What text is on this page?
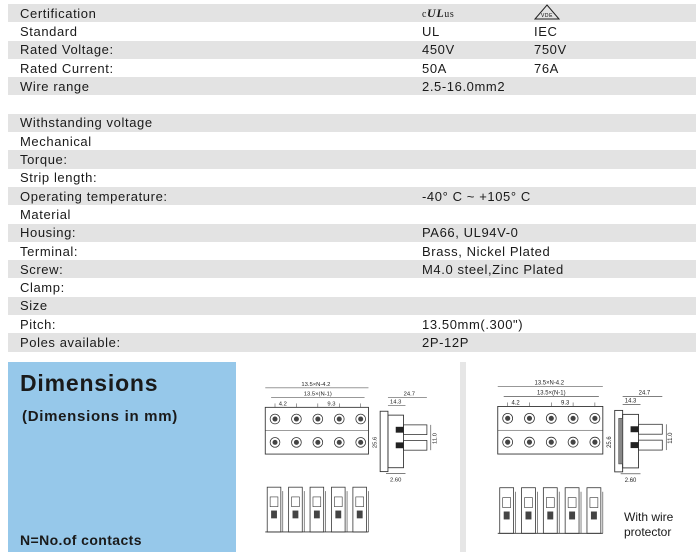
Certification	cULus	VDE
Standard	UL	IEC
Rated Voltage:	450V	750V
Rated Current:	50A	76A
Wire range	2.5-16.0mm2
Withstanding voltage
Mechanical
Torque:
Strip length:
Operating temperature:	-40° C ~ +105° C
Material
Housing:	PA66, UL94V-0
Terminal:	Brass, Nickel Plated
Screw:	M4.0 steel,Zinc Plated
Clamp:
Size
Pitch:	13.50mm(.300")
Poles available:	2P-12P
Dimensions
(Dimensions in mm)
N=No.of contacts
13.5×N-4.2
13.5×(N-1)
4.2	9.3
24.7
14.3
25.6	11.0
2.60
13.5×N-4.2
13.5×(N-1)
4.2	9.3
24.7
14.3
25.6	11.0
2.60
With wire
protector
